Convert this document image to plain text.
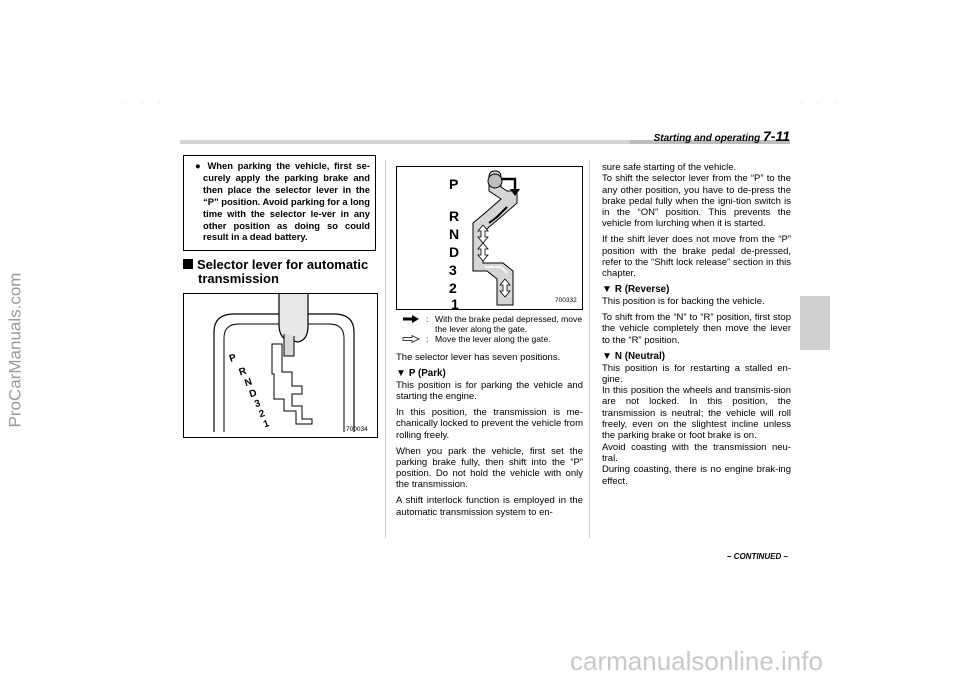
ProCarManuals.com
carmanualsonline.info
· · ·	· · ·
Starting and operating 7-11

● When parking the vehicle, first se-curely apply the parking brake and then place the selector lever in the “P” position. Avoid parking for a long time with the selector le-ver in any other position as doing so could result in a dead battery.

Selector lever for automatic
transmission
P
R
N
D
3
2
1	700034
P
R
N
D
3
2
1	700332
: With the brake pedal depressed, move the lever along the gate.
: Move the lever along the gate.

The selector lever has seven positions.

▼ P (Park)

This position is for parking the vehicle and starting the engine.

In this position, the transmission is me-chanically locked to prevent the vehicle from rolling freely.

When you park the vehicle, first set the parking brake fully, then shift into the “P” position. Do not hold the vehicle with only the transmission.

A shift interlock function is employed in the automatic transmission system to en-

sure safe starting of the vehicle.

To shift the selector lever from the “P” to the any other position, you have to de-press the brake pedal fully when the igni-tion switch is in the “ON” position. This prevents the vehicle from lurching when it is started.

If the shift lever does not move from the “P” position with the brake pedal de-pressed, refer to the “Shift lock release” section in this chapter.

▼ R (Reverse)

This position is for backing the vehicle.

To shift from the “N” to “R” position, first stop the vehicle completely then move the lever to the “R” position.

▼ N (Neutral)

This position is for restarting a stalled en-gine.

In this position the wheels and transmis-sion are not locked. In this position, the transmission is neutral; the vehicle will roll freely, even on the slightest incline unless the parking brake or foot brake is on.

Avoid coasting with the transmission neu-tral.

During coasting, there is no engine brak-ing effect.

– CONTINUED –
